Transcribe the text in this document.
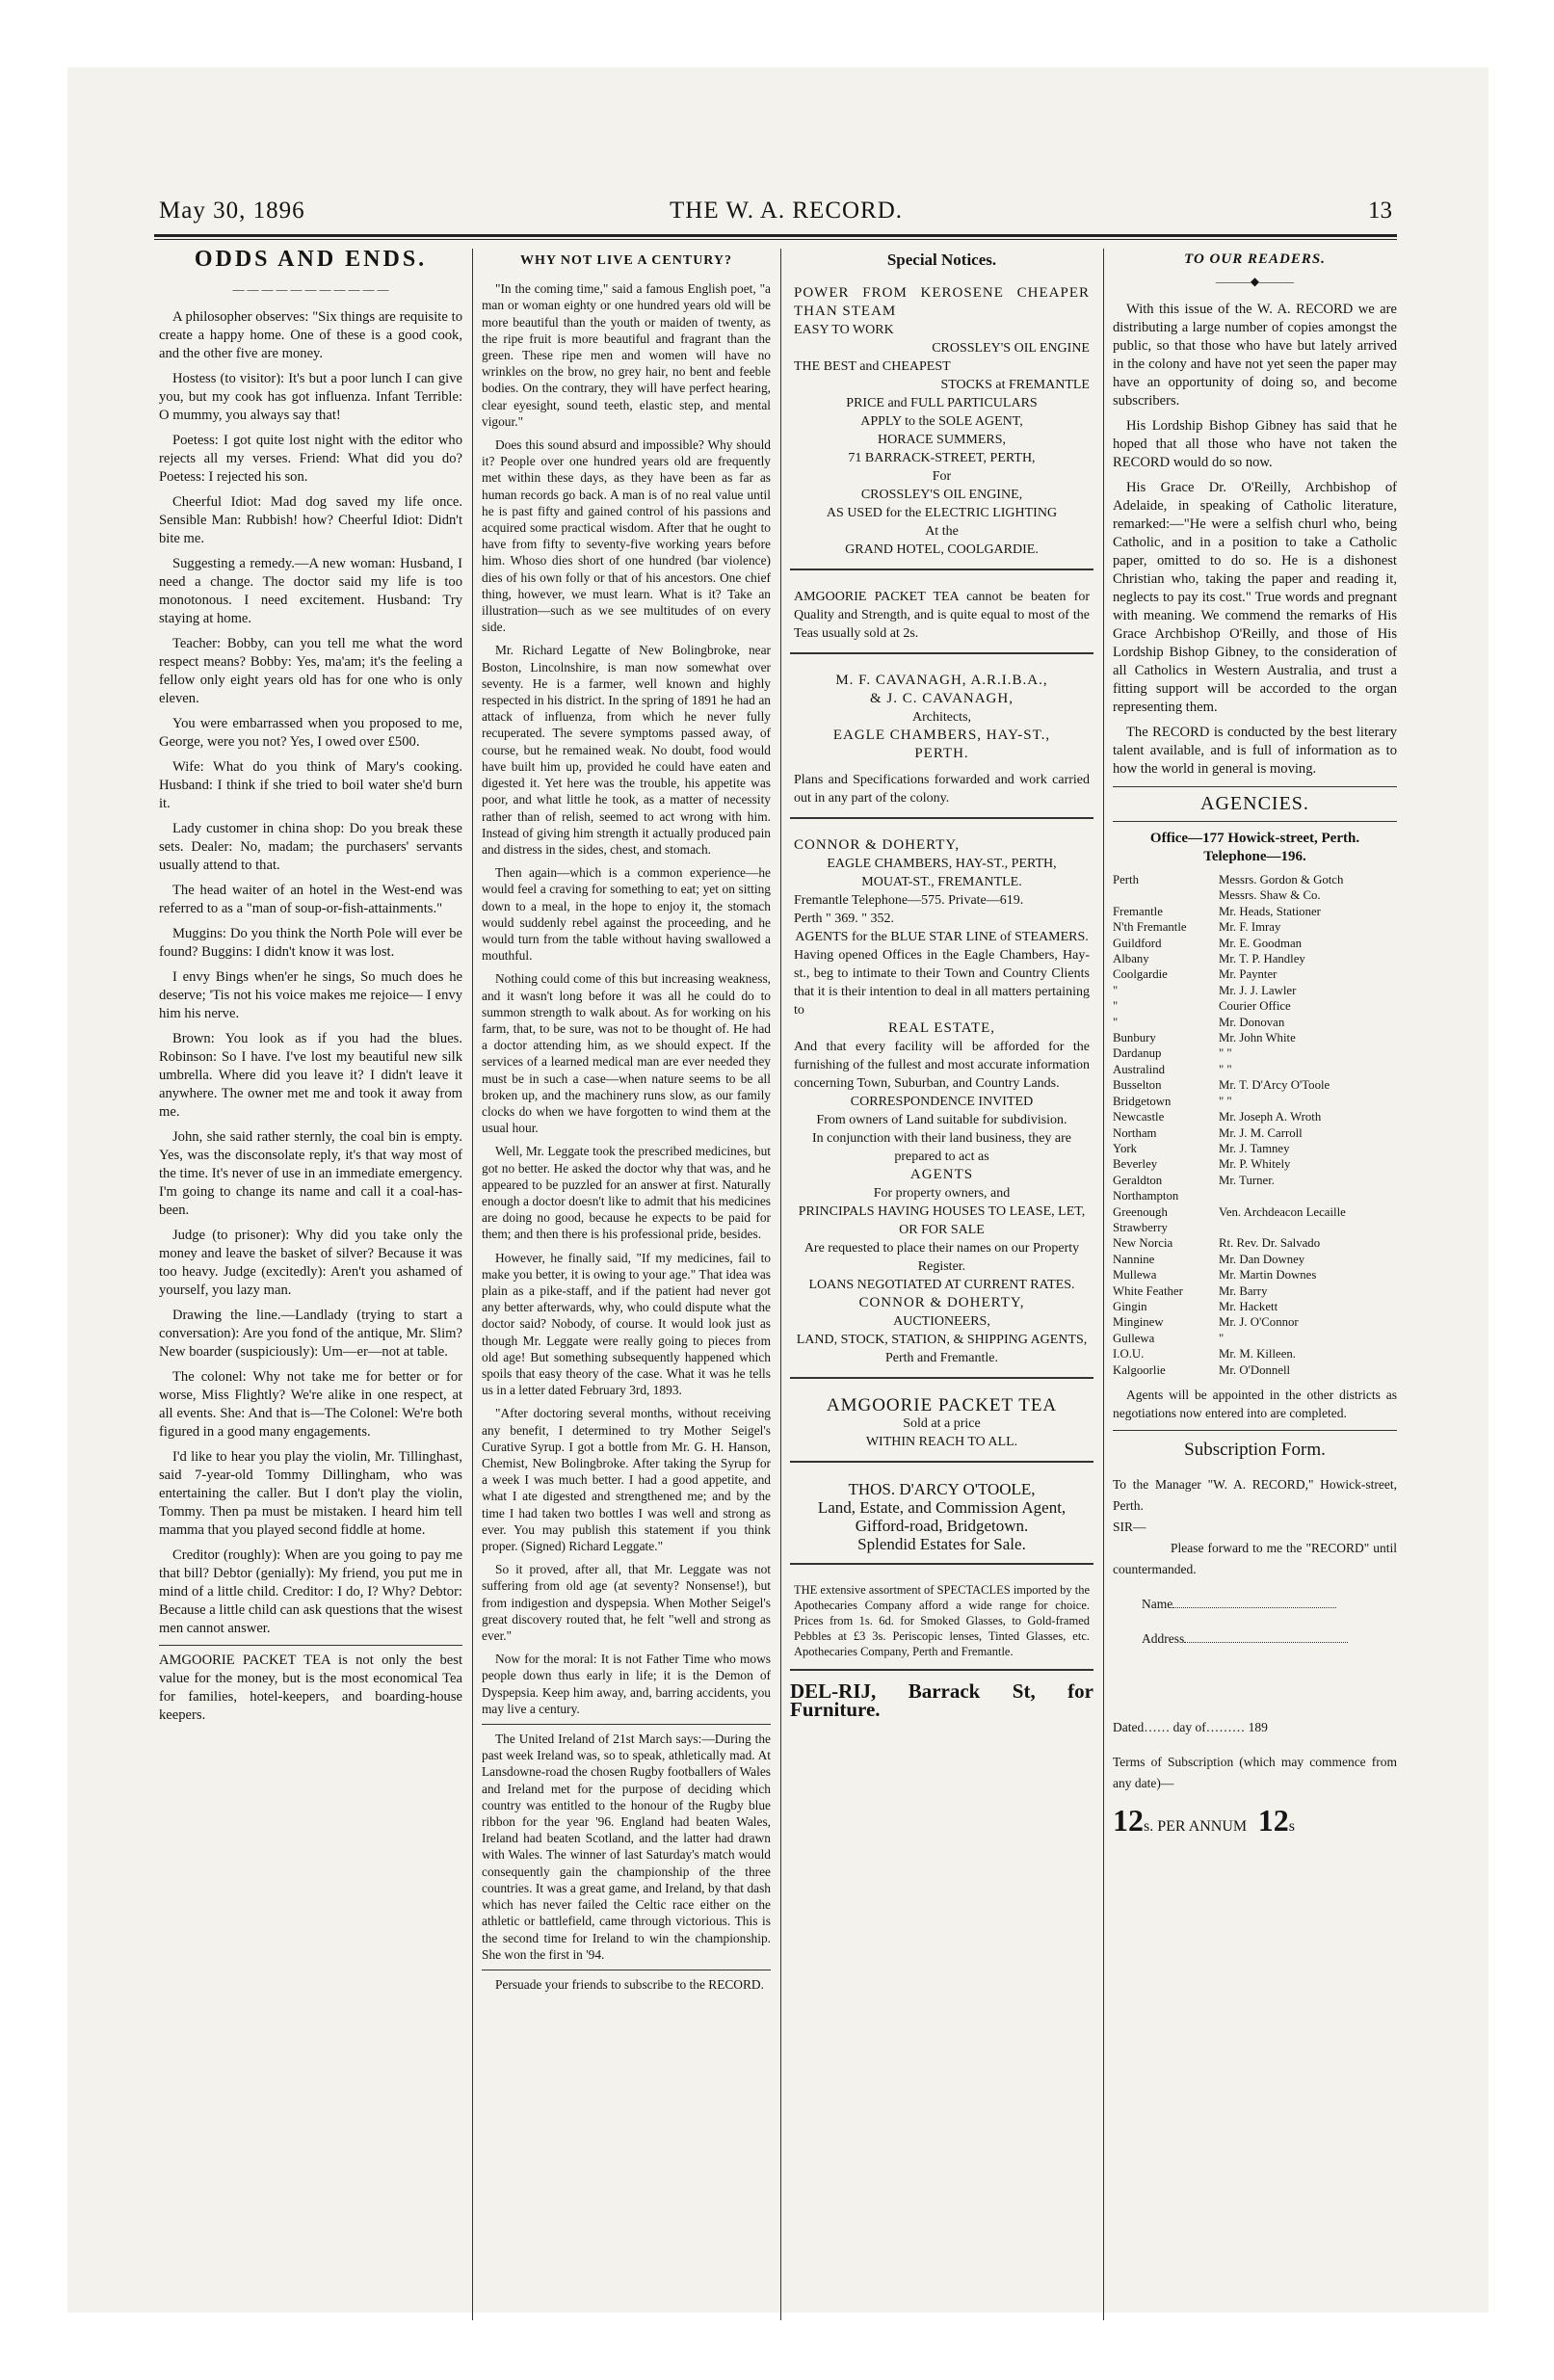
May 30, 1896	THE W. A. RECORD.	13
ODDS AND ENDS.
— — — — — — — — — — —

A philosopher observes: "Six things are requisite to create a happy home. One of these is a good cook, and the other five are money.

Hostess (to visitor): It's but a poor lunch I can give you, but my cook has got influenza. Infant Terrible: O mummy, you always say that!

Poetess: I got quite lost night with the editor who rejects all my verses. Friend: What did you do? Poetess: I rejected his son.

Cheerful Idiot: Mad dog saved my life once. Sensible Man: Rubbish! how? Cheerful Idiot: Didn't bite me.

Suggesting a remedy.—A new woman: Husband, I need a change. The doctor said my life is too monotonous. I need excitement. Husband: Try staying at home.

Teacher: Bobby, can you tell me what the word respect means? Bobby: Yes, ma'am; it's the feeling a fellow only eight years old has for one who is only eleven.

You were embarrassed when you proposed to me, George, were you not? Yes, I owed over £500.

Wife: What do you think of Mary's cooking. Husband: I think if she tried to boil water she'd burn it.

Lady customer in china shop: Do you break these sets. Dealer: No, madam; the purchasers' servants usually attend to that.

The head waiter of an hotel in the West-end was referred to as a "man of soup-or-fish-attainments."

Muggins: Do you think the North Pole will ever be found? Buggins: I didn't know it was lost.

I envy Bings when'er he sings, So much does he deserve; 'Tis not his voice makes me rejoice— I envy him his nerve.

Brown: You look as if you had the blues. Robinson: So I have. I've lost my beautiful new silk umbrella. Where did you leave it? I didn't leave it anywhere. The owner met me and took it away from me.

John, she said rather sternly, the coal bin is empty. Yes, was the disconsolate reply, it's that way most of the time. It's never of use in an immediate emergency. I'm going to change its name and call it a coal-has-been.

Judge (to prisoner): Why did you take only the money and leave the basket of silver? Because it was too heavy. Judge (excitedly): Aren't you ashamed of yourself, you lazy man.

Drawing the line.—Landlady (trying to start a conversation): Are you fond of the antique, Mr. Slim? New boarder (suspiciously): Um—er—not at table.

The colonel: Why not take me for better or for worse, Miss Flightly? We're alike in one respect, at all events. She: And that is—The Colonel: We're both figured in a good many engagements.

I'd like to hear you play the violin, Mr. Tillinghast, said 7-year-old Tommy Dillingham, who was entertaining the caller. But I don't play the violin, Tommy. Then pa must be mistaken. I heard him tell mamma that you played second fiddle at home.

Creditor (roughly): When are you going to pay me that bill? Debtor (genially): My friend, you put me in mind of a little child. Creditor: I do, I? Why? Debtor: Because a little child can ask questions that the wisest men cannot answer.

AMGOORIE PACKET TEA is not only the best value for the money, but is the most economical Tea for families, hotel-keepers, and boarding-house keepers.

WHY NOT LIVE A CENTURY?

"In the coming time," said a famous English poet, "a man or woman eighty or one hundred years old will be more beautiful than the youth or maiden of twenty, as the ripe fruit is more beautiful and fragrant than the green. These ripe men and women will have no wrinkles on the brow, no grey hair, no bent and feeble bodies. On the contrary, they will have perfect hearing, clear eyesight, sound teeth, elastic step, and mental vigour."

Does this sound absurd and impossible? Why should it? People over one hundred years old are frequently met within these days, as they have been as far as human records go back. A man is of no real value until he is past fifty and gained control of his passions and acquired some practical wisdom. After that he ought to have from fifty to seventy-five working years before him. Whoso dies short of one hundred (bar violence) dies of his own folly or that of his ancestors. One chief thing, however, we must learn. What is it? Take an illustration—such as we see multitudes of on every side.

Mr. Richard Legatte of New Bolingbroke, near Boston, Lincolnshire, is man now somewhat over seventy. He is a farmer, well known and highly respected in his district. In the spring of 1891 he had an attack of influenza, from which he never fully recuperated. The severe symptoms passed away, of course, but he remained weak. No doubt, food would have built him up, provided he could have eaten and digested it. Yet here was the trouble, his appetite was poor, and what little he took, as a matter of necessity rather than of relish, seemed to act wrong with him. Instead of giving him strength it actually produced pain and distress in the sides, chest, and stomach.

Then again—which is a common experience—he would feel a craving for something to eat; yet on sitting down to a meal, in the hope to enjoy it, the stomach would suddenly rebel against the proceeding, and he would turn from the table without having swallowed a mouthful.

Nothing could come of this but increasing weakness, and it wasn't long before it was all he could do to summon strength to walk about. As for working on his farm, that, to be sure, was not to be thought of. He had a doctor attending him, as we should expect. If the services of a learned medical man are ever needed they must be in such a case—when nature seems to be all broken up, and the machinery runs slow, as our family clocks do when we have forgotten to wind them at the usual hour.

Well, Mr. Leggate took the prescribed medicines, but got no better. He asked the doctor why that was, and he appeared to be puzzled for an answer at first. Naturally enough a doctor doesn't like to admit that his medicines are doing no good, because he expects to be paid for them; and then there is his professional pride, besides.

However, he finally said, "If my medicines, fail to make you better, it is owing to your age." That idea was plain as a pike-staff, and if the patient had never got any better afterwards, why, who could dispute what the doctor said? Nobody, of course. It would look just as though Mr. Leggate were really going to pieces from old age! But something subsequently happened which spoils that easy theory of the case. What it was he tells us in a letter dated February 3rd, 1893.

"After doctoring several months, without receiving any benefit, I determined to try Mother Seigel's Curative Syrup. I got a bottle from Mr. G. H. Hanson, Chemist, New Bolingbroke. After taking the Syrup for a week I was much better. I had a good appetite, and what I ate digested and strengthened me; and by the time I had taken two bottles I was well and strong as ever. You may publish this statement if you think proper. (Signed) Richard Leggate."

So it proved, after all, that Mr. Leggate was not suffering from old age (at seventy? Nonsense!), but from indigestion and dyspepsia. When Mother Seigel's great discovery routed that, he felt "well and strong as ever."

Now for the moral: It is not Father Time who mows people down thus early in life; it is the Demon of Dyspepsia. Keep him away, and, barring accidents, you may live a century.

The United Ireland of 21st March says:—During the past week Ireland was, so to speak, athletically mad. At Lansdowne-road the chosen Rugby footballers of Wales and Ireland met for the purpose of deciding which country was entitled to the honour of the Rugby blue ribbon for the year '96. England had beaten Wales, Ireland had beaten Scotland, and the latter had drawn with Wales. The winner of last Saturday's match would consequently gain the championship of the three countries. It was a great game, and Ireland, by that dash which has never failed the Celtic race either on the athletic or battlefield, came through victorious. This is the second time for Ireland to win the championship. She won the first in '94.

Persuade your friends to subscribe to the RECORD.

Special Notices.
POWER FROM KEROSENE CHEAPER THAN STEAM
EASY TO WORK
CROSSLEY'S OIL ENGINE
THE BEST and CHEAPEST
STOCKS at FREMANTLE
PRICE and FULL PARTICULARS
APPLY to the SOLE AGENT,
HORACE SUMMERS,
71 BARRACK-STREET, PERTH,
For
CROSSLEY'S OIL ENGINE,
AS USED for the ELECTRIC LIGHTING
At the
GRAND HOTEL, COOLGARDIE.
AMGOORIE PACKET TEA cannot be beaten for Quality and Strength, and is quite equal to most of the Teas usually sold at 2s.
M. F. CAVANAGH, A.R.I.B.A.,
& J. C. CAVANAGH,
Architects,
EAGLE CHAMBERS, HAY-ST.,
PERTH.
Plans and Specifications forwarded and work carried out in any part of the colony.
CONNOR & DOHERTY,
EAGLE CHAMBERS, HAY-ST., PERTH,
MOUAT-ST., FREMANTLE.
Fremantle Telephone—575. Private—619.
Perth " 369. " 352.
AGENTS for the BLUE STAR LINE of STEAMERS.
Having opened Offices in the Eagle Chambers, Hay-st., beg to intimate to their Town and Country Clients that it is their intention to deal in all matters pertaining to
REAL ESTATE,
And that every facility will be afforded for the furnishing of the fullest and most accurate information concerning Town, Suburban, and Country Lands.
CORRESPONDENCE INVITED
From owners of Land suitable for subdivision.
In conjunction with their land business, they are prepared to act as
AGENTS
For property owners, and
PRINCIPALS HAVING HOUSES TO LEASE, LET, OR FOR SALE
Are requested to place their names on our Property Register.
LOANS NEGOTIATED AT CURRENT RATES.
CONNOR & DOHERTY,
AUCTIONEERS,
LAND, STOCK, STATION, & SHIPPING AGENTS,
Perth and Fremantle.
AMGOORIE PACKET TEA
Sold at a price
WITHIN REACH TO ALL.
THOS. D'ARCY O'TOOLE,
Land, Estate, and Commission Agent,
Gifford-road, Bridgetown.
Splendid Estates for Sale.
THE extensive assortment of SPECTACLES imported by the Apothecaries Company afford a wide range for choice. Prices from 1s. 6d. for Smoked Glasses, to Gold-framed Pebbles at £3 3s. Periscopic lenses, Tinted Glasses, etc. Apothecaries Company, Perth and Fremantle.
DEL-RIJ, Barrack St, for Furniture.
TO OUR READERS.
———◆———

With this issue of the W. A. RECORD we are distributing a large number of copies amongst the public, so that those who have but lately arrived in the colony and have not yet seen the paper may have an opportunity of doing so, and become subscribers.

His Lordship Bishop Gibney has said that he hoped that all those who have not taken the RECORD would do so now.

His Grace Dr. O'Reilly, Archbishop of Adelaide, in speaking of Catholic literature, remarked:—"He were a selfish churl who, being Catholic, and in a position to take a Catholic paper, omitted to do so. He is a dishonest Christian who, taking the paper and reading it, neglects to pay its cost." True words and pregnant with meaning. We commend the remarks of His Grace Archbishop O'Reilly, and those of His Lordship Bishop Gibney, to the consideration of all Catholics in Western Australia, and trust a fitting support will be accorded to the organ representing them.

The RECORD is conducted by the best literary talent available, and is full of information as to how the world in general is moving.

AGENCIES.
Office—177 Howick-street, Perth.
Telephone—196.
Perth	Messrs. Gordon & Gotch
Messrs. Shaw & Co.
Fremantle	Mr. Heads, Stationer
N'th Fremantle	Mr. F. Imray
Guildford	Mr. E. Goodman
Albany	Mr. T. P. Handley
Coolgardie	Mr. Paynter
"	Mr. J. J. Lawler
"	Courier Office
"	Mr. Donovan
Bunbury	Mr. John White
Dardanup	" "
Australind	" "
Busselton	Mr. T. D'Arcy O'Toole
Bridgetown	" "
Newcastle	Mr. Joseph A. Wroth
Northam	Mr. J. M. Carroll
York	Mr. J. Tamney
Beverley	Mr. P. Whitely
Geraldton	Mr. Turner.
Northampton
Greenough	Ven. Archdeacon Lecaille
Strawberry
New Norcia	Rt. Rev. Dr. Salvado
Nannine	Mr. Dan Downey
Mullewa	Mr. Martin Downes
White Feather	Mr. Barry
Gingin	Mr. Hackett
Minginew	Mr. J. O'Connor
Gullewa	"
I.O.U.	Mr. M. Killeen.
Kalgoorlie	Mr. O'Donnell

Agents will be appointed in the other districts as negotiations now entered into are completed.

Subscription Form.
To the Manager "W. A. RECORD," Howick-street, Perth.
SIR—
Please forward to me the "RECORD" until countermanded.
Name
Address
Dated…… day of……… 189
Terms of Subscription (which may commence from any date)—
12s. PER ANNUM 12s
